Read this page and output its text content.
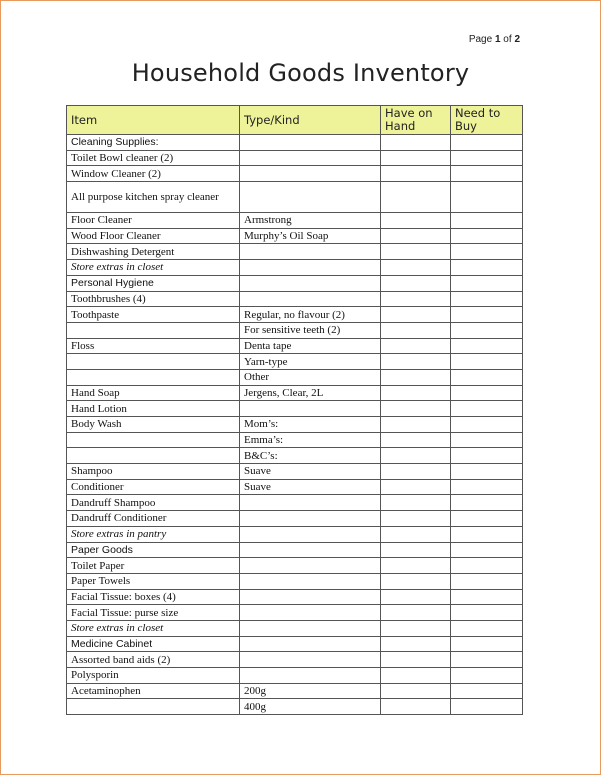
Page 1 of 2
Household Goods Inventory
Item	Type/Kind	Have on Hand	Need to Buy
Cleaning Supplies:			
Toilet Bowl cleaner (2)			
Window Cleaner (2)			
All purpose kitchen spray cleaner			
Floor Cleaner	Armstrong		
Wood Floor Cleaner	Murphy’s Oil Soap		
Dishwashing Detergent			
Store extras in closet			
Personal Hygiene			
Toothbrushes (4)			
Toothpaste	Regular, no flavour (2)		
	For sensitive teeth (2)		
Floss	Denta tape		
	Yarn-type		
	Other		
Hand Soap	Jergens, Clear, 2L		
Hand Lotion			
Body Wash	Mom’s:		
	Emma’s:		
	B&C’s:		
Shampoo	Suave		
Conditioner	Suave		
Dandruff Shampoo			
Dandruff Conditioner			
Store extras in pantry			
Paper Goods			
Toilet Paper			
Paper Towels			
Facial Tissue: boxes (4)			
Facial Tissue: purse size			
Store extras in closet			
Medicine Cabinet			
Assorted band aids (2)			
Polysporin			
Acetaminophen	200g		
	400g		
